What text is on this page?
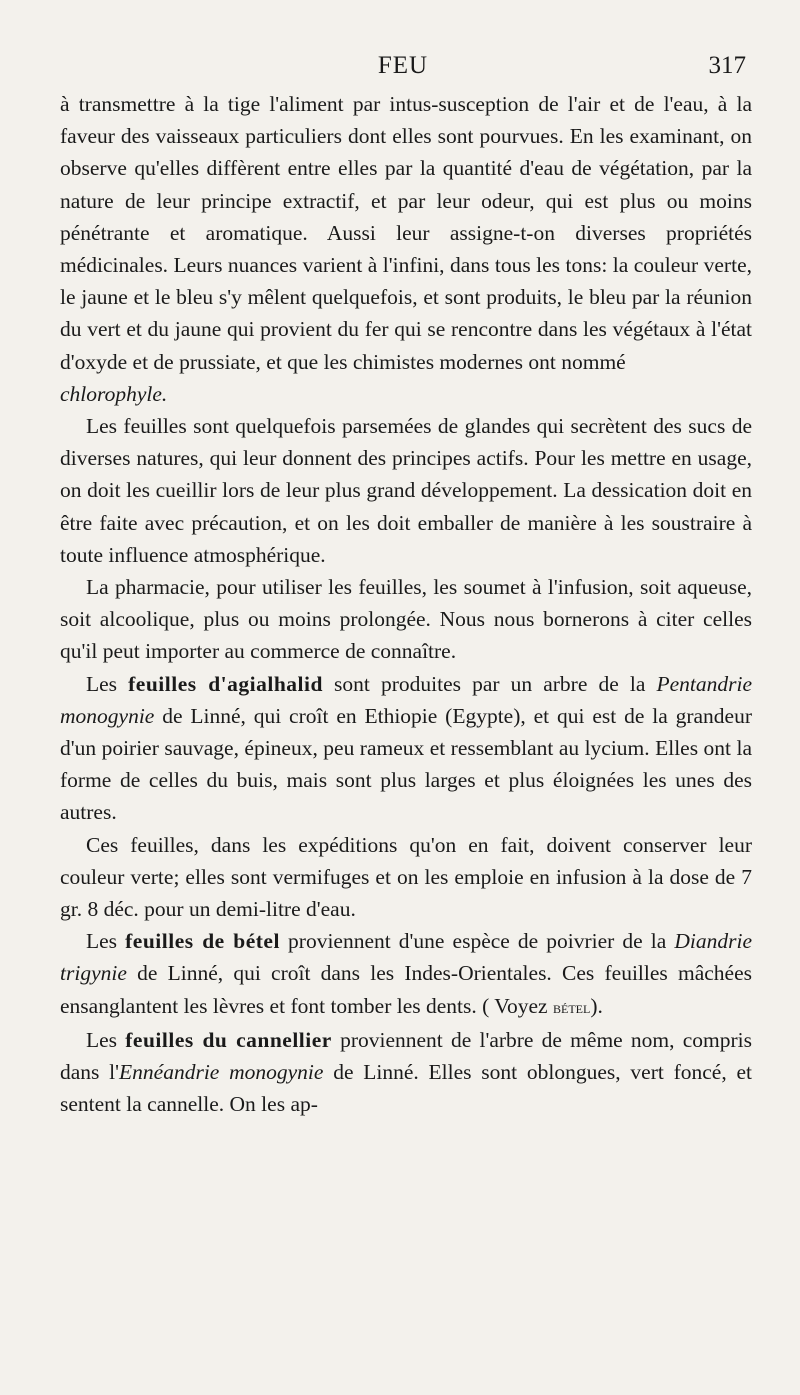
FEU	317

à transmettre à la tige l'aliment par intus-susception de l'air et de l'eau, à la faveur des vaisseaux particuliers dont elles sont pourvues. En les examinant, on observe qu'elles diffèrent entre elles par la quantité d'eau de végétation, par la nature de leur principe extractif, et par leur odeur, qui est plus ou moins pénétrante et aromatique. Aussi leur assigne-t-on diverses propriétés médicinales. Leurs nuances varient à l'infini, dans tous les tons: la couleur verte, le jaune et le bleu s'y mêlent quelquefois, et sont produits, le bleu par la réunion du vert et du jaune qui provient du fer qui se rencontre dans les végétaux à l'état d'oxyde et de prussiate, et que les chimistes modernes ont nommé
chlorophyle.

Les feuilles sont quelquefois parsemées de glandes qui secrètent des sucs de diverses natures, qui leur donnent des principes actifs. Pour les mettre en usage, on doit les cueillir lors de leur plus grand développement. La dessication doit en être faite avec précaution, et on les doit emballer de manière à les soustraire à toute influence atmosphérique.

La pharmacie, pour utiliser les feuilles, les soumet à l'infusion, soit aqueuse, soit alcoolique, plus ou moins prolongée. Nous nous bornerons à citer celles qu'il peut importer au commerce de connaître.

Les feuilles d'agialhalid sont produites par un arbre de la Pentandrie monogynie de Linné, qui croît en Ethiopie (Egypte), et qui est de la grandeur d'un poirier sauvage, épineux, peu rameux et ressemblant au lycium. Elles ont la forme de celles du buis, mais sont plus larges et plus éloignées les unes des autres.

Ces feuilles, dans les expéditions qu'on en fait, doivent conserver leur couleur verte; elles sont vermifuges et on les emploie en infusion à la dose de 7 gr. 8 déc. pour un demi-litre d'eau.

Les feuilles de bétel proviennent d'une espèce de poivrier de la Diandrie trigynie de Linné, qui croît dans les Indes-Orientales. Ces feuilles mâchées ensanglantent les lèvres et font tomber les dents. ( Voyez bétel).

Les feuilles du cannellier proviennent de l'arbre de même nom, compris dans l'Ennéandrie monogynie de Linné. Elles sont oblongues, vert foncé, et sentent la cannelle. On les ap-
